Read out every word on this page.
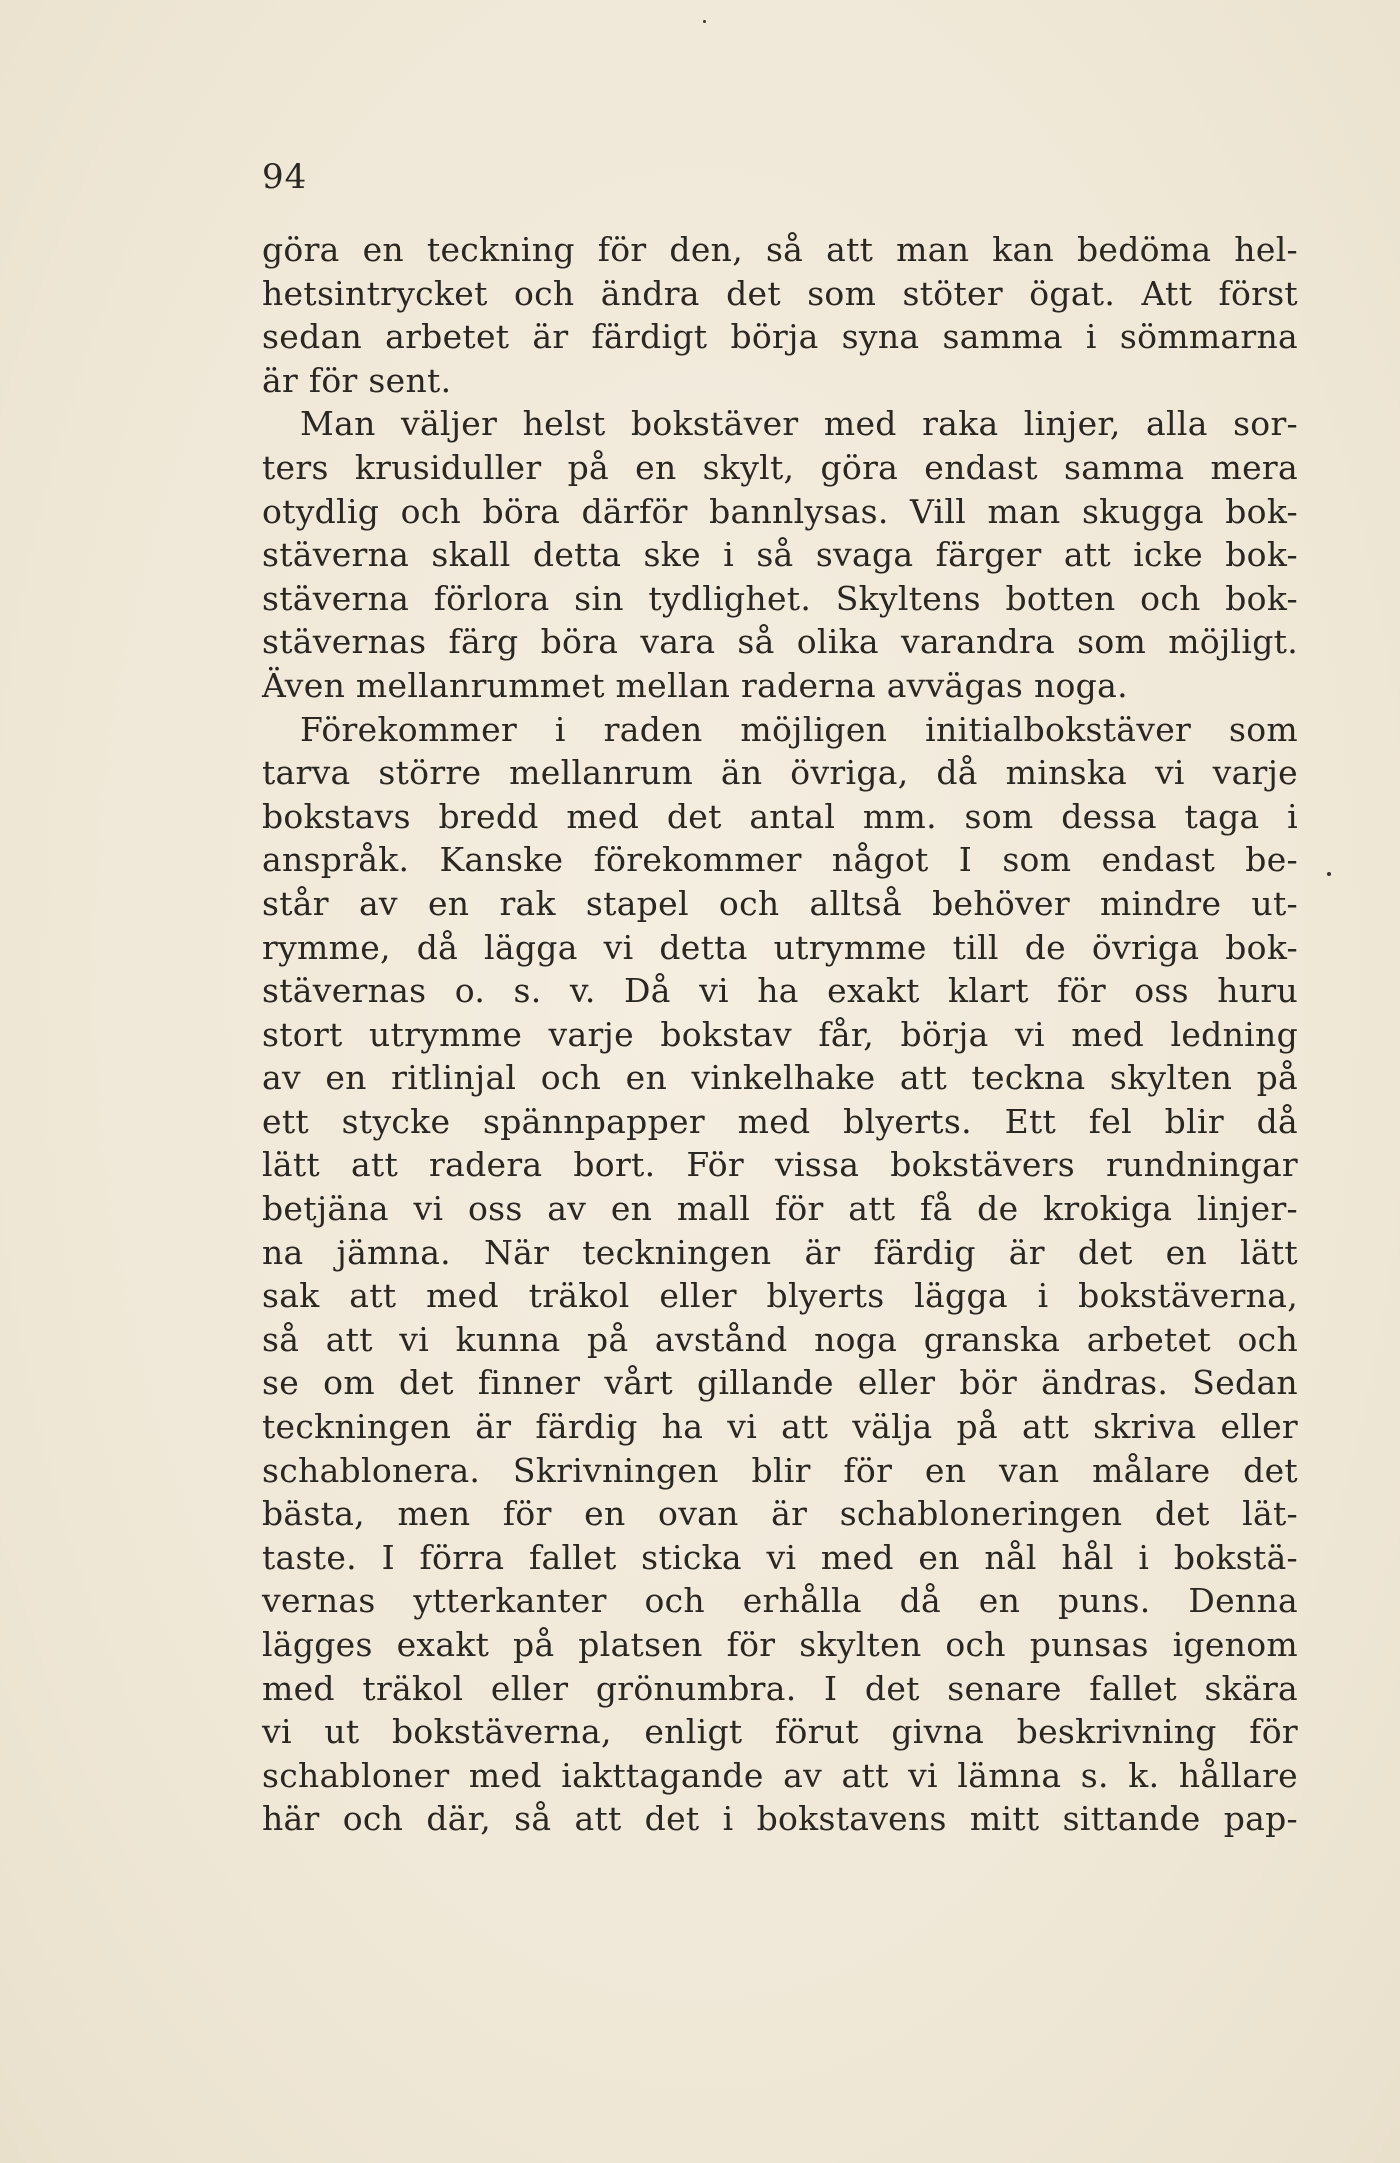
94
göra en teckning för den, så att man kan bedöma hel-
hetsintrycket och ändra det som stöter ögat. Att först
sedan arbetet är färdigt börja syna samma i sömmarna
är för sent.
Man väljer helst bokstäver med raka linjer, alla sor-
ters krusiduller på en skylt, göra endast samma mera
otydlig och böra därför bannlysas. Vill man skugga bok-
stäverna skall detta ske i så svaga färger att icke bok-
stäverna förlora sin tydlighet. Skyltens botten och bok-
stävernas färg böra vara så olika varandra som möjligt.
Även mellanrummet mellan raderna avvägas noga.
Förekommer i raden möjligen initialbokstäver som
tarva större mellanrum än övriga, då minska vi varje
bokstavs bredd med det antal mm. som dessa taga i
anspråk. Kanske förekommer något I som endast be-
står av en rak stapel och alltså behöver mindre ut-
rymme, då lägga vi detta utrymme till de övriga bok-
stävernas o. s. v. Då vi ha exakt klart för oss huru
stort utrymme varje bokstav får, börja vi med ledning
av en ritlinjal och en vinkelhake att teckna skylten på
ett stycke spännpapper med blyerts. Ett fel blir då
lätt att radera bort. För vissa bokstävers rundningar
betjäna vi oss av en mall för att få de krokiga linjer-
na jämna. När teckningen är färdig är det en lätt
sak att med träkol eller blyerts lägga i bokstäverna,
så att vi kunna på avstånd noga granska arbetet och
se om det finner vårt gillande eller bör ändras. Sedan
teckningen är färdig ha vi att välja på att skriva eller
schablonera. Skrivningen blir för en van målare det
bästa, men för en ovan är schabloneringen det lät-
taste. I förra fallet sticka vi med en nål hål i bokstä-
vernas ytterkanter och erhålla då en puns. Denna
lägges exakt på platsen för skylten och punsas igenom
med träkol eller grönumbra. I det senare fallet skära
vi ut bokstäverna, enligt förut givna beskrivning för
schabloner med iakttagande av att vi lämna s. k. hållare
här och där, så att det i bokstavens mitt sittande pap-
